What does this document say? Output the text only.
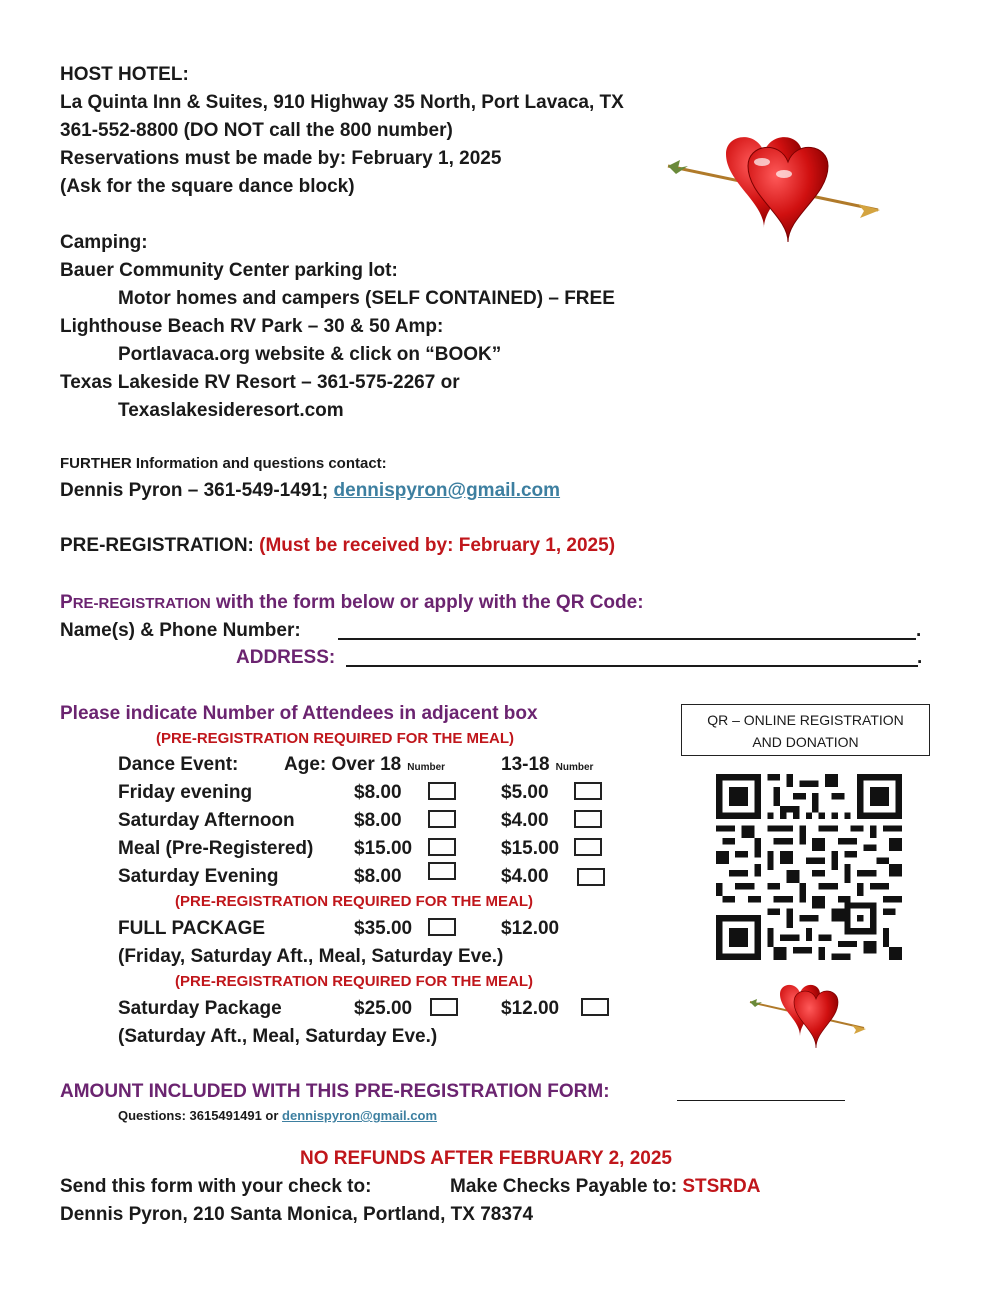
HOST HOTEL:
La Quinta Inn & Suites, 910 Highway 35 North, Port Lavaca, TX
361-552-8800 (DO NOT call the 800 number)
Reservations must be made by: February 1, 2025
(Ask for the square dance block)
Camping:
Bauer Community Center parking lot:
Motor homes and campers (SELF CONTAINED) – FREE
Lighthouse Beach RV Park – 30 & 50 Amp:
Portlavaca.org website & click on “BOOK”
Texas Lakeside RV Resort – 361-575-2267 or
Texaslakesideresort.com
FURTHER Information and questions contact:
Dennis Pyron – 361-549-1491; dennispyron@gmail.com
PRE-REGISTRATION: (Must be received by: February 1, 2025)
PRE-REGISTRATION with the form below or apply with the QR Code:
Name(s) & Phone Number:	.
ADDRESS:	.
Please indicate Number of Attendees in adjacent box
(PRE-REGISTRATION REQUIRED FOR THE MEAL)
Dance Event: Age: Over 18 Number	13-18 Number
Friday evening	$8.00	$5.00
Saturday Afternoon	$8.00	$4.00
Meal (Pre-Registered) $15.00	$15.00
Saturday Evening	$8.00	$4.00
(PRE-REGISTRATION REQUIRED FOR THE MEAL)
FULL PACKAGE	$35.00	$12.00
(Friday, Saturday Aft., Meal, Saturday Eve.)
(PRE-REGISTRATION REQUIRED FOR THE MEAL)
Saturday Package	$25.00	$12.00
(Saturday Aft., Meal, Saturday Eve.)
QR – ONLINE REGISTRATION
AND DONATION
AMOUNT INCLUDED WITH THIS PRE-REGISTRATION FORM:
Questions: 3615491491 or dennispyron@gmail.com
NO REFUNDS AFTER FEBRUARY 2, 2025
Send this form with your check to:	Make Checks Payable to: STSRDA
Dennis Pyron, 210 Santa Monica, Portland, TX 78374
